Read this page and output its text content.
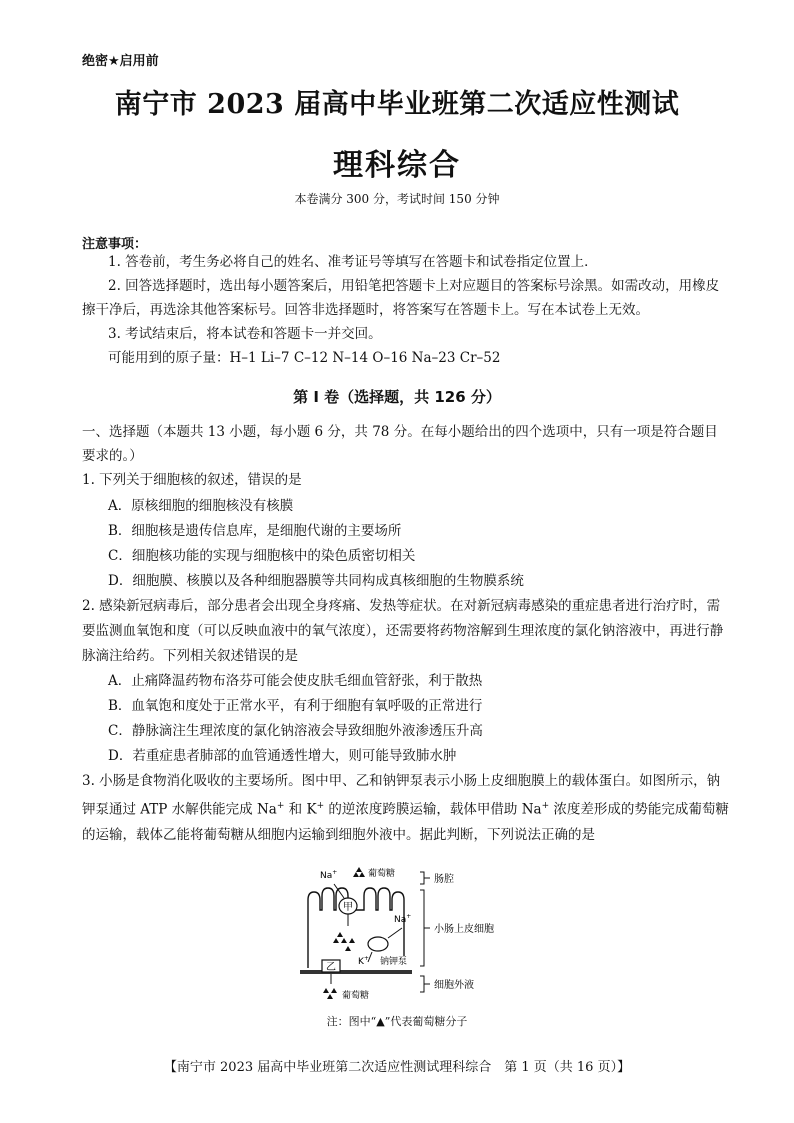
绝密★启用前
南宁市 2023 届高中毕业班第二次适应性测试
理科综合
本卷满分 300 分，考试时间 150 分钟
注意事项：
1. 答卷前，考生务必将自己的姓名、准考证号等填写在答题卡和试卷指定位置上．
2. 回答选择题时，选出每小题答案后，用铅笔把答题卡上对应题目的答案标号涂黑。如需改动，用橡皮擦干净后，再选涂其他答案标号。回答非选择题时，将答案写在答题卡上。写在本试卷上无效。
3. 考试结束后，将本试卷和答题卡一并交回。
可能用到的原子量：H–1 Li–7 C–12 N–14 O–16 Na–23 Cr–52
第 I 卷（选择题，共 126 分）
一、选择题（本题共 13 小题，每小题 6 分，共 78 分。在每小题给出的四个选项中，只有一项是符合题目要求的。）
1. 下列关于细胞核的叙述，错误的是
A．原核细胞的细胞核没有核膜
B．细胞核是遗传信息库，是细胞代谢的主要场所
C．细胞核功能的实现与细胞核中的染色质密切相关
D．细胞膜、核膜以及各种细胞器膜等共同构成真核细胞的生物膜系统
2. 感染新冠病毒后，部分患者会出现全身疼痛、发热等症状。在对新冠病毒感染的重症患者进行治疗时，需要监测血氧饱和度（可以反映血液中的氧气浓度），还需要将药物溶解到生理浓度的氯化钠溶液中，再进行静脉滴注给药。下列相关叙述错误的是
A．止痛降温药物布洛芬可能会使皮肤毛细血管舒张，利于散热
B．血氧饱和度处于正常水平，有利于细胞有氧呼吸的正常进行
C．静脉滴注生理浓度的氯化钠溶液会导致细胞外液渗透压升高
D．若重症患者肺部的血管通透性增大，则可能导致肺水肿
3. 小肠是食物消化吸收的主要场所。图中甲、乙和钠钾泵表示小肠上皮细胞膜上的载体蛋白。如图所示，钠钾泵通过 ATP 水解供能完成 Na+ 和 K+ 的逆浓度跨膜运输，载体甲借助 Na+ 浓度差形成的势能完成葡萄糖的运输，载体乙能将葡萄糖从细胞内运输到细胞外液中。据此判断，下列说法正确的是
甲
乙
Na+	葡萄糖
Na+
K+ 钠钾泵
葡萄糖
肠腔
小肠上皮细胞
细胞外液
注：图中“▲”代表葡萄糖分子
【南宁市 2023 届高中毕业班第二次适应性测试理科综合　第 1 页（共 16 页）】
